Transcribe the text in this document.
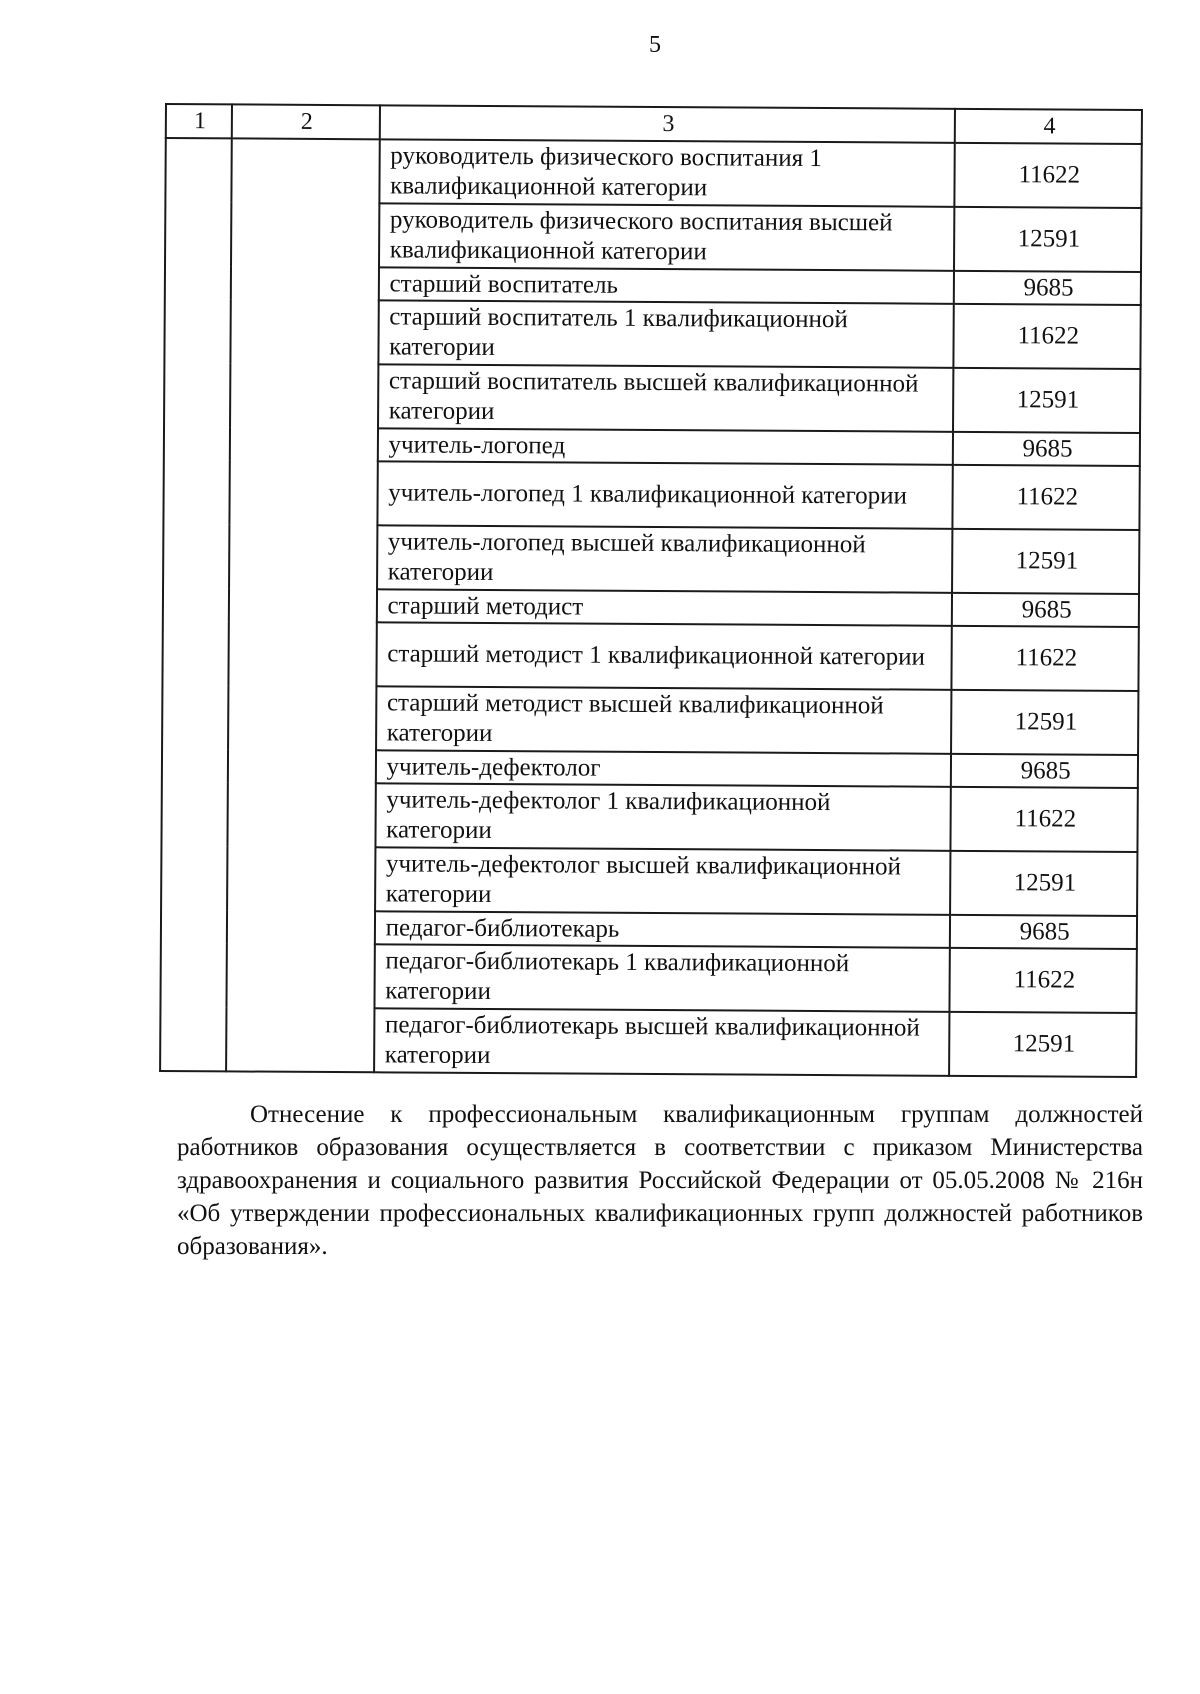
5
1	2	3	4
		руководитель физического воспитания 1 квалификационной категории	11622
		руководитель физического воспитания высшей квалификационной категории	12591
		старший воспитатель	9685
		старший воспитатель 1 квалификационной категории	11622
		старший воспитатель высшей квалификационной категории	12591
		учитель-логопед	9685
		учитель-логопед 1 квалификационной категории	11622
		учитель-логопед высшей квалификационной категории	12591
		старший методист	9685
		старший методист 1 квалификационной категории	11622
		старший методист высшей квалификационной категории	12591
		учитель-дефектолог	9685
		учитель-дефектолог 1 квалификационной категории	11622
		учитель-дефектолог высшей квалификационной категории	12591
		педагог-библиотекарь	9685
		педагог-библиотекарь 1 квалификационной категории	11622
		педагог-библиотекарь высшей квалификационной категории	12591

Отнесение к профессиональным квалификационным группам должностей работников образования осуществляется в соответствии с приказом Министерства здравоохранения и социального развития Российской Федерации от 05.05.2008 № 216н «Об утверждении профессиональных квалификационных групп должностей работников образования».
